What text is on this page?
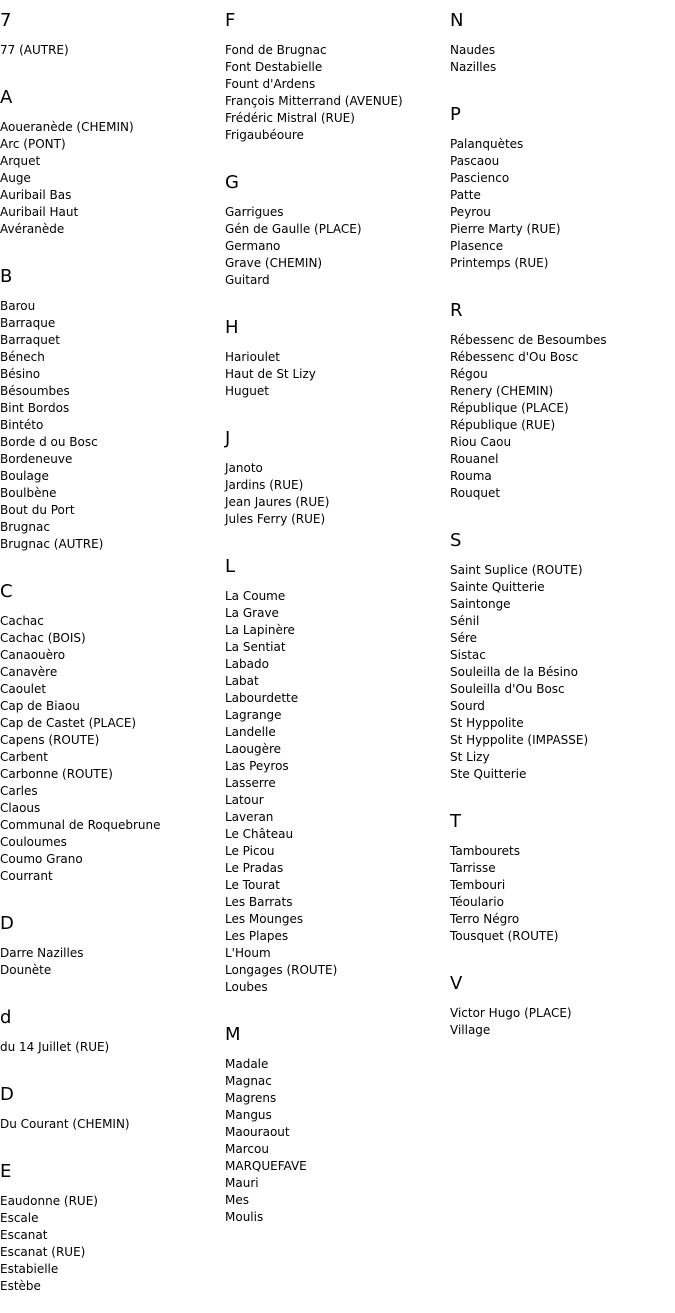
7
77 (AUTRE)
A
Aoueranède (CHEMIN)
Arc (PONT)
Arquet
Auge
Auribail Bas
Auribail Haut
Avéranède
B
Barou
Barraque
Barraquet
Bénech
Bésino
Bésoumbes
Bint Bordos
Bintéto
Borde d ou Bosc
Bordeneuve
Boulage
Boulbène
Bout du Port
Brugnac
Brugnac (AUTRE)
C
Cachac
Cachac (BOIS)
Canaouèro
Canavère
Caoulet
Cap de Biaou
Cap de Castet (PLACE)
Capens (ROUTE)
Carbent
Carbonne (ROUTE)
Carles
Claous
Communal de Roquebrune
Couloumes
Coumo Grano
Courrant
D
Darre Nazilles
Dounète
d
du 14 Juillet (RUE)
D
Du Courant (CHEMIN)
E
Eaudonne (RUE)
Escale
Escanat
Escanat (RUE)
Estabielle
Estèbe
F
Fond de Brugnac
Font Destabielle
Fount d'Ardens
François Mitterrand (AVENUE)
Frédéric Mistral (RUE)
Frigaubéoure
G
Garrigues
Gén de Gaulle (PLACE)
Germano
Grave (CHEMIN)
Guitard
H
Harioulet
Haut de St Lizy
Huguet
J
Janoto
Jardins (RUE)
Jean Jaures (RUE)
Jules Ferry (RUE)
L
La Coume
La Grave
La Lapinère
La Sentiat
Labado
Labat
Labourdette
Lagrange
Landelle
Laougère
Las Peyros
Lasserre
Latour
Laveran
Le Château
Le Picou
Le Pradas
Le Tourat
Les Barrats
Les Mounges
Les Plapes
L'Houm
Longages (ROUTE)
Loubes
M
Madale
Magnac
Magrens
Mangus
Maouraout
Marcou
MARQUEFAVE
Mauri
Mes
Moulis
N
Naudes
Nazilles
P
Palanquètes
Pascaou
Pascienco
Patte
Peyrou
Pierre Marty (RUE)
Plasence
Printemps (RUE)
R
Rébessenc de Besoumbes
Rébessenc d'Ou Bosc
Régou
Renery (CHEMIN)
République (PLACE)
République (RUE)
Riou Caou
Rouanel
Rouma
Rouquet
S
Saint Suplice (ROUTE)
Sainte Quitterie
Saintonge
Sénil
Sére
Sistac
Souleilla de la Bésino
Souleilla d'Ou Bosc
Sourd
St Hyppolite
St Hyppolite (IMPASSE)
St Lizy
Ste Quitterie
T
Tambourets
Tarrisse
Tembouri
Téoulario
Terro Négro
Tousquet (ROUTE)
V
Victor Hugo (PLACE)
Village
